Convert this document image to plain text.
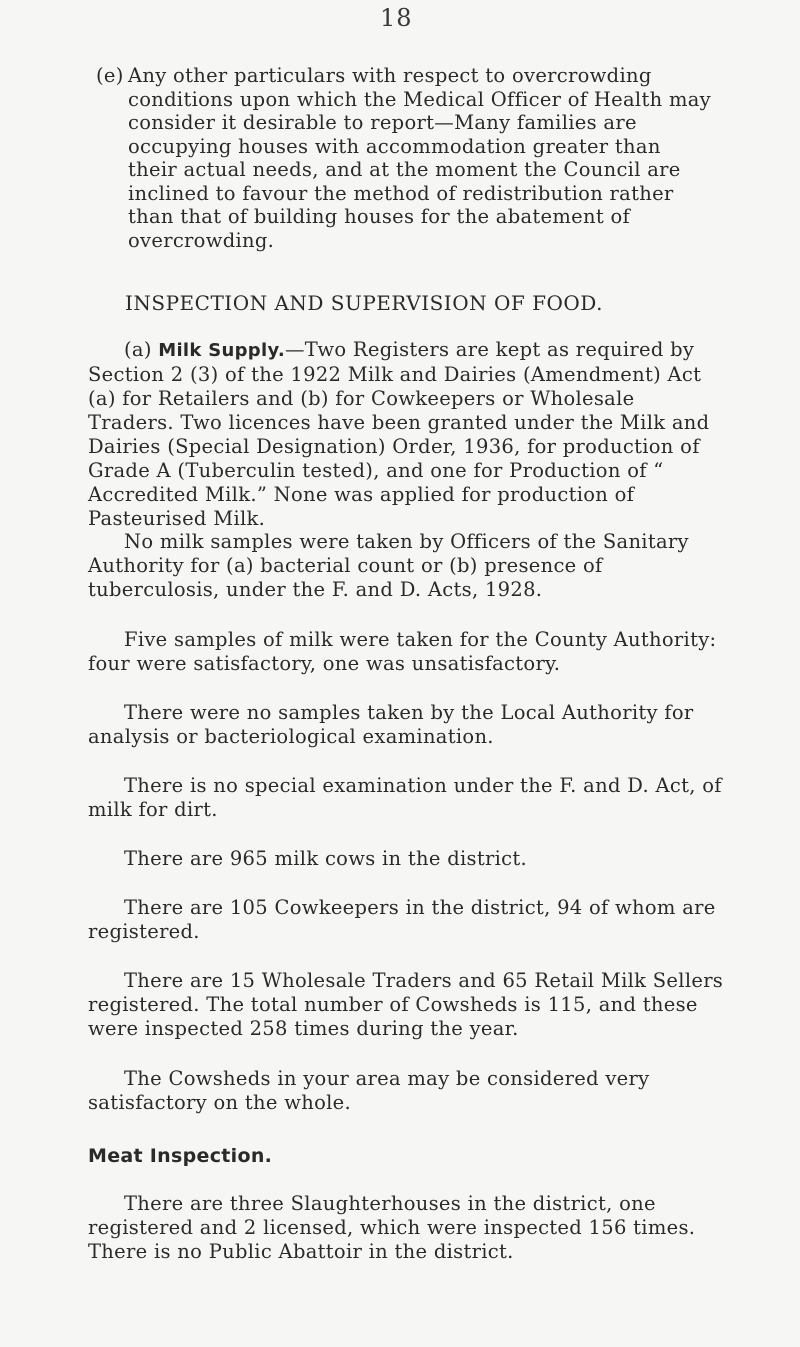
18
(e) Any other particulars with respect to overcrowding conditions upon which the Medical Officer of Health may consider it desirable to report—Many families are occupying houses with accommodation greater than their actual needs, and at the moment the Council are inclined to favour the method of redistribution rather than that of building houses for the abatement of overcrowding.
INSPECTION AND SUPERVISION OF FOOD.

(a) Milk Supply.—Two Registers are kept as required by Section 2 (3) of the 1922 Milk and Dairies (Amendment) Act (a) for Retailers and (b) for Cowkeepers or Wholesale Traders. Two licences have been granted under the Milk and Dairies (Special Designation) Order, 1936, for production of Grade A (Tuberculin tested), and one for Production of “ Accredited Milk.” None was applied for production of Pasteurised Milk.

No milk samples were taken by Officers of the Sanitary Authority for (a) bacterial count or (b) presence of tuberculosis, under the F. and D. Acts, 1928.

Five samples of milk were taken for the County Authority: four were satisfactory, one was unsatisfactory.

There were no samples taken by the Local Authority for analysis or bacteriological examination.

There is no special examination under the F. and D. Act, of milk for dirt.

There are 965 milk cows in the district.

There are 105 Cowkeepers in the district, 94 of whom are registered.

There are 15 Wholesale Traders and 65 Retail Milk Sellers registered. The total number of Cowsheds is 115, and these were inspected 258 times during the year.

The Cowsheds in your area may be considered very satisfactory on the whole.

Meat Inspection.

There are three Slaughterhouses in the district, one registered and 2 licensed, which were inspected 156 times. There is no Public Abattoir in the district.
